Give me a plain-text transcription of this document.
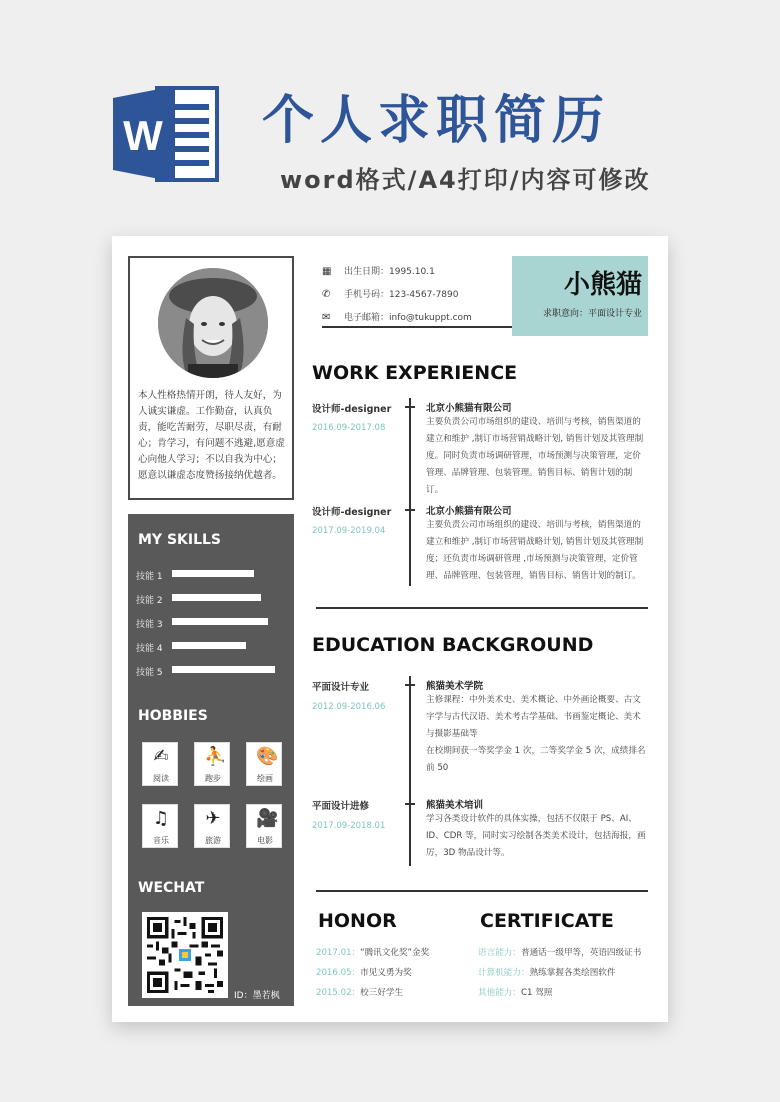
W 个人求职简历
word格式/A4打印/内容可修改
本人性格热情开朗，待人友好，为人诚实谦虚。工作勤奋，认真负责，能吃苦耐劳，尽职尽责，有耐心；肯学习，有问题不逃避,愿意虚心向他人学习；不以自我为中心；愿意以谦虚态度赞扬接纳优越者。
MY SKILLS
技能 1
技能 2
技能 3
技能 4
技能 5
HOBBIES
✍
阅读
⛹
跑步
🎨
绘画
♫
音乐
✈
旅游
🎥
电影
WECHAT
ID：墨若枫
▦ 出生日期：1995.10.1
✆ 手机号码：123-4567-7890
✉ 电子邮箱：info@tukuppt.com
小熊猫
求职意向：平面设计专业
WORK EXPERIENCE
设计师-designer
2016.09-2017.08
北京小熊猫有限公司
主要负责公司市场组织的建设、培训与考核，销售渠道的建立和维护 ,制订市场营销战略计划, 销售计划及其管理制度。同时负责市场调研管理，市场预测与决策管理，定价管理、品牌管理、包装管理。销售目标、销售计划的制订。
设计师-designer
2017.09-2019.04
北京小熊猫有限公司
主要负责公司市场组织的建设、培训与考核，销售渠道的建立和维护 ,制订市场营销战略计划, 销售计划及其管理制度；还负责市场调研管理 ,市场预测与决策管理，定价管理、品牌管理、包装管理，销售目标、销售计划的制订。
EDUCATION BACKGROUND
平面设计专业
2012.09-2016.06
熊猫美术学院
主修课程：中外美术史、美术概论、中外画论概要、古文字学与古代汉语、美术考古学基础、书画鉴定概论、美术与摄影基础等
在校期间获一等奖学金 1 次，二等奖学金 5 次，成绩排名前 50
平面设计进修
2017.09-2018.01
熊猫美术培训
学习各类设计软件的具体实操，包括不仅限于 PS、AI、ID、CDR 等，同时实习绘制各类美术设计，包括海报，画厉，3D 物品设计等。
HONOR
2017.01：“腾讯文化奖”金奖
2016.05：市见义勇为奖
2015.02：校三好学生
CERTIFICATE
语言能力：普通话一级甲等，英语四级证书
计算机能力：熟练掌握各类绘图软件
其他能力：C1 驾照
